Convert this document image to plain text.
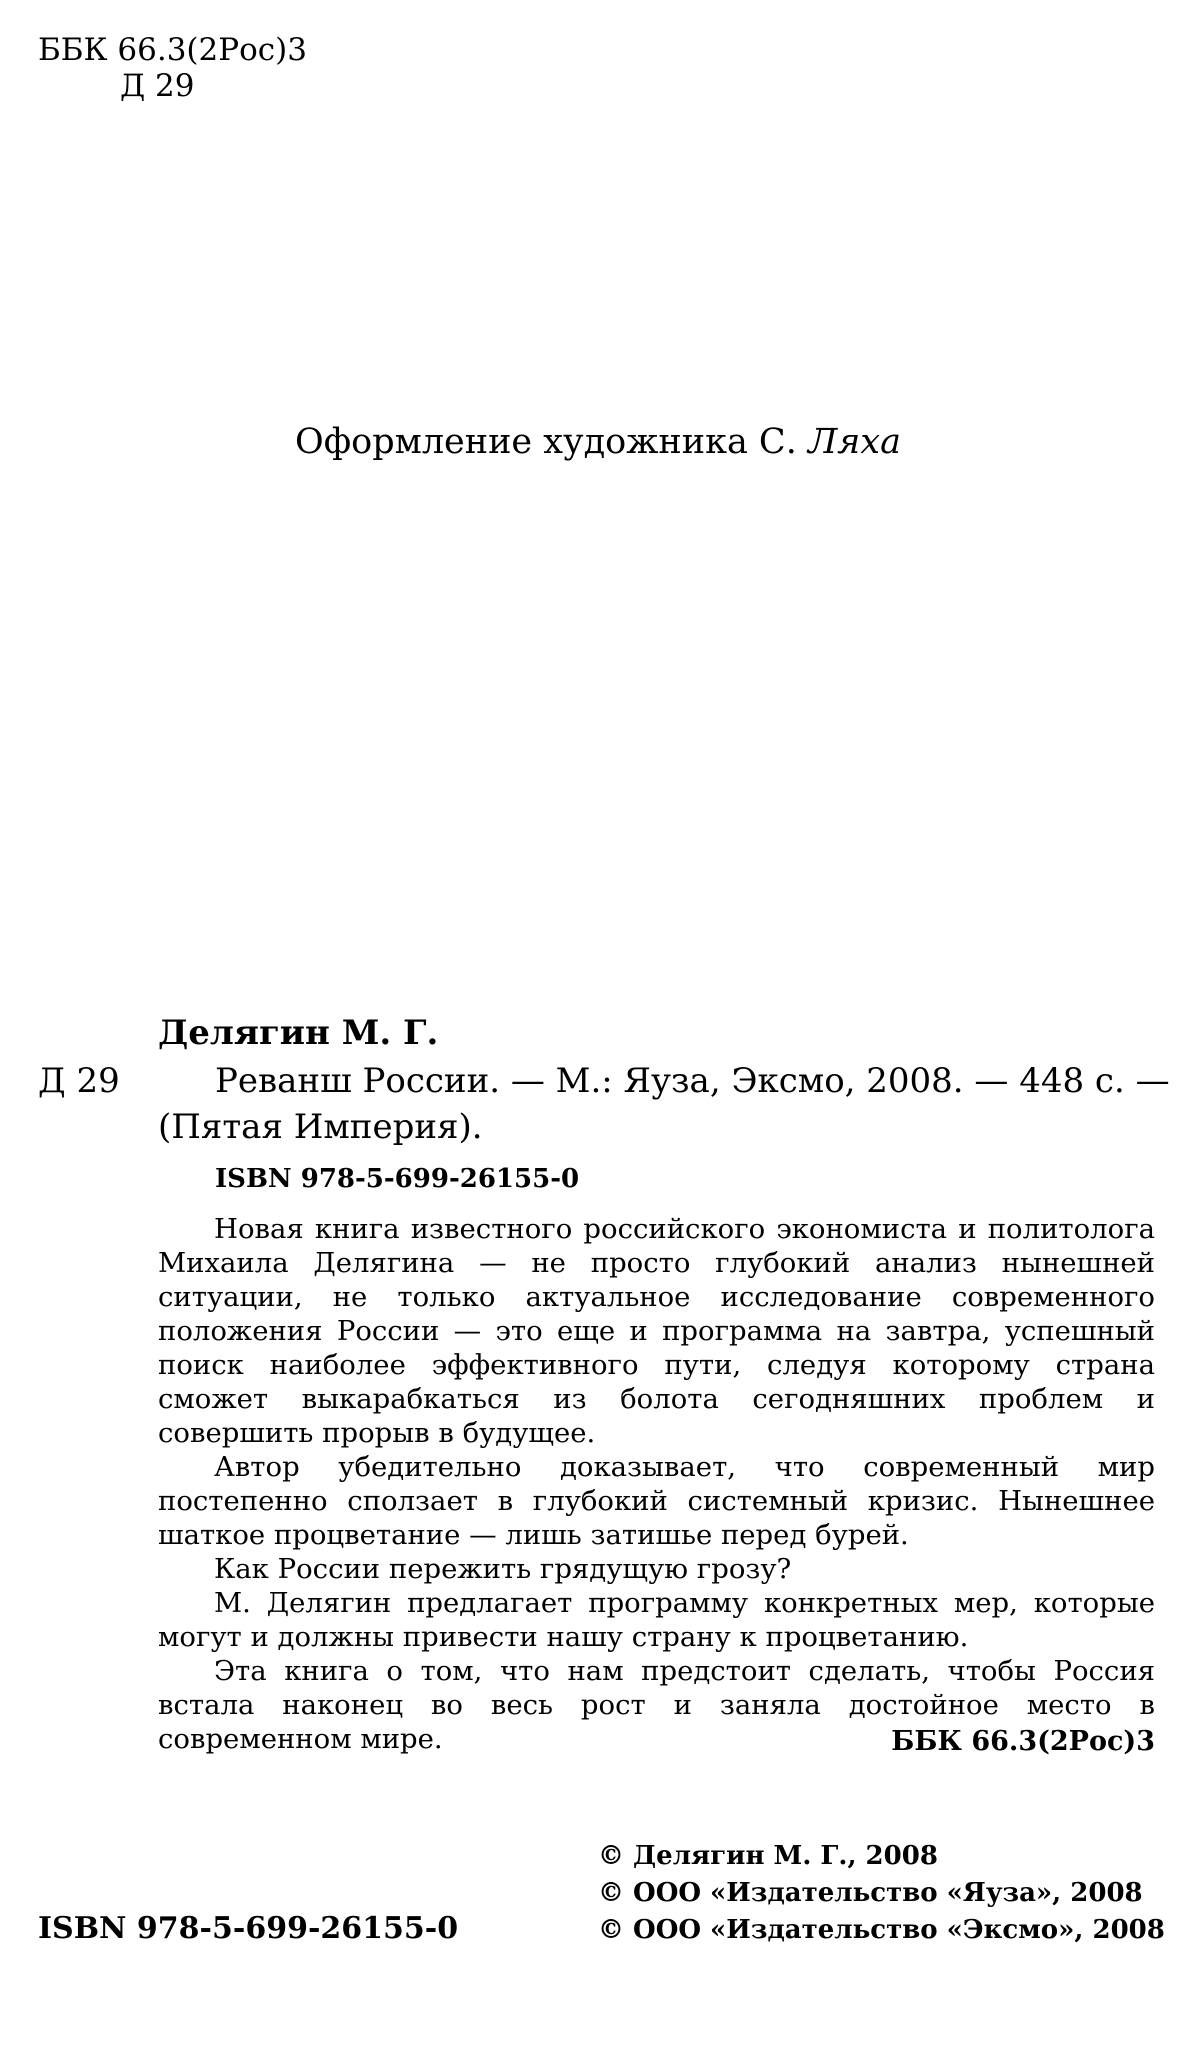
ББК 66.3(2Рос)3
Д 29
Оформление художника С. Ляха
Делягин М. Г.
Д 29	Реванш России. — М.: Яуза, Эксмо, 2008. — 448 с. —
(Пятая Империя).
ISBN 978-5-699-26155-0

Новая книга известного российского экономиста и политолога Михаила Делягина — не просто глубокий анализ нынешней ситуации, не только актуальное исследование современного положения России — это еще и программа на завтра, успешный поиск наиболее эффективного пути, следуя которому страна сможет выкарабкаться из болота сегодняшних проблем и совершить прорыв в будущее.

Автор убедительно доказывает, что современный мир постепенно сползает в глубокий системный кризис. Нынешнее шаткое процветание — лишь затишье перед бурей.

Как России пережить грядущую грозу?

М. Делягин предлагает программу конкретных мер, которые могут и должны привести нашу страну к процветанию.

Эта книга о том, что нам предстоит сделать, чтобы Россия встала наконец во весь рост и заняла достойное место в современном мире.	ББК 66.3(2Рос)3
© Делягин М. Г., 2008
© ООО «Издательство «Яуза», 2008
© ООО «Издательство «Эксмо», 2008
ISBN 978-5-699-26155-0
